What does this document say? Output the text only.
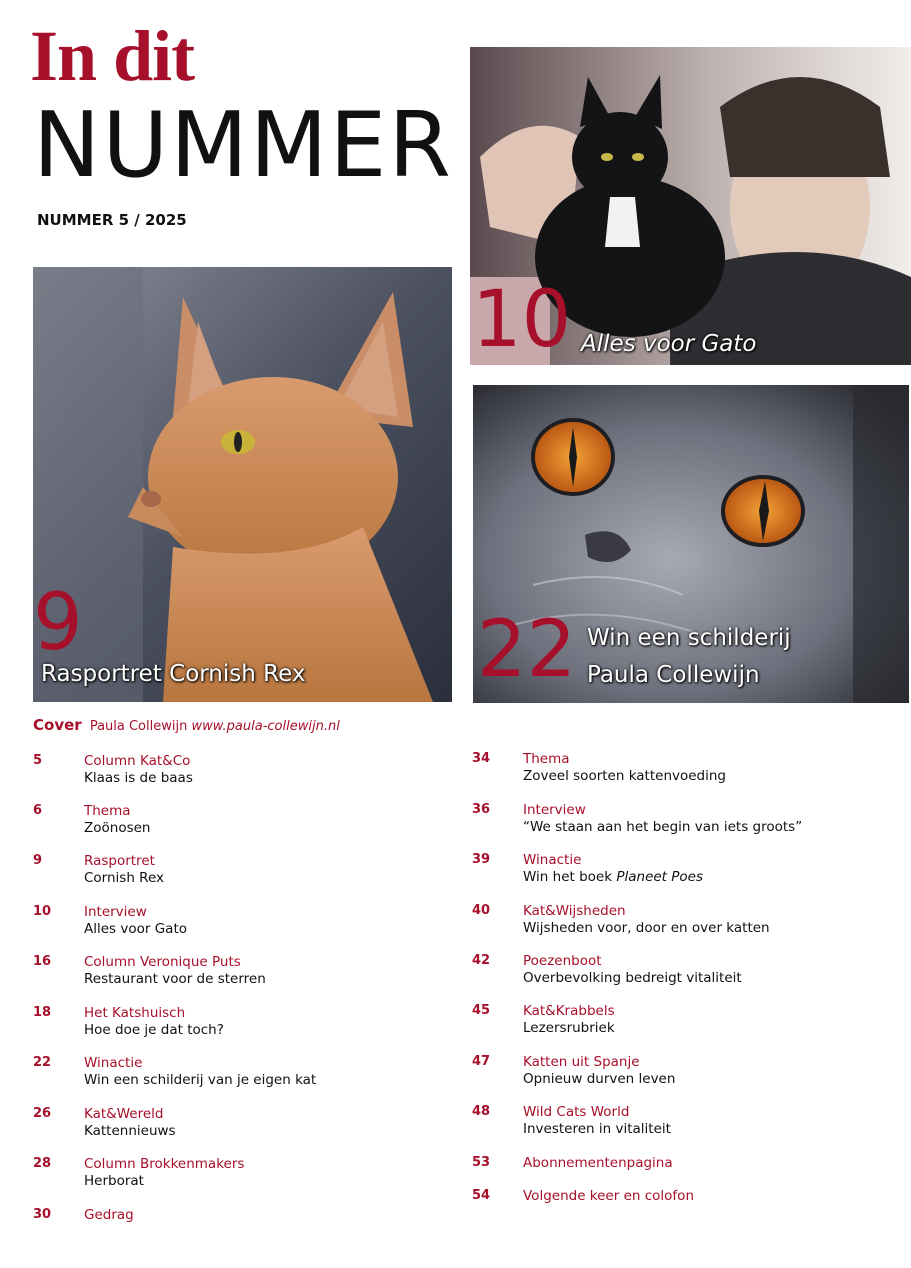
In dit
NUMMER
NUMMER 5 / 2025
9
Rasportret Cornish Rex
10 Alles voor Gato
22 Win een schilderij
Paula Collewijn
Cover Paula Collewijn www.paula-collewijn.nl
5	Column Kat&Co
Klaas is de baas
6	Thema
Zoönosen
9	Rasportret
Cornish Rex
10	Interview
Alles voor Gato
16	Column Veronique Puts
Restaurant voor de sterren
18	Het Katshuisch
Hoe doe je dat toch?
22	Winactie
Win een schilderij van je eigen kat
26	Kat&Wereld
Kattennieuws
28	Column Brokkenmakers
Herborat
30	Gedrag
34	Thema
Zoveel soorten kattenvoeding
36	Interview
“We staan aan het begin van iets groots”
39	Winactie
Win het boek Planeet Poes
40	Kat&Wijsheden
Wijsheden voor, door en over katten
42	Poezenboot
Overbevolking bedreigt vitaliteit
45	Kat&Krabbels
Lezersrubriek
47	Katten uit Spanje
Opnieuw durven leven
48	Wild Cats World
Investeren in vitaliteit
53	Abonnementenpagina
54	Volgende keer en colofon
